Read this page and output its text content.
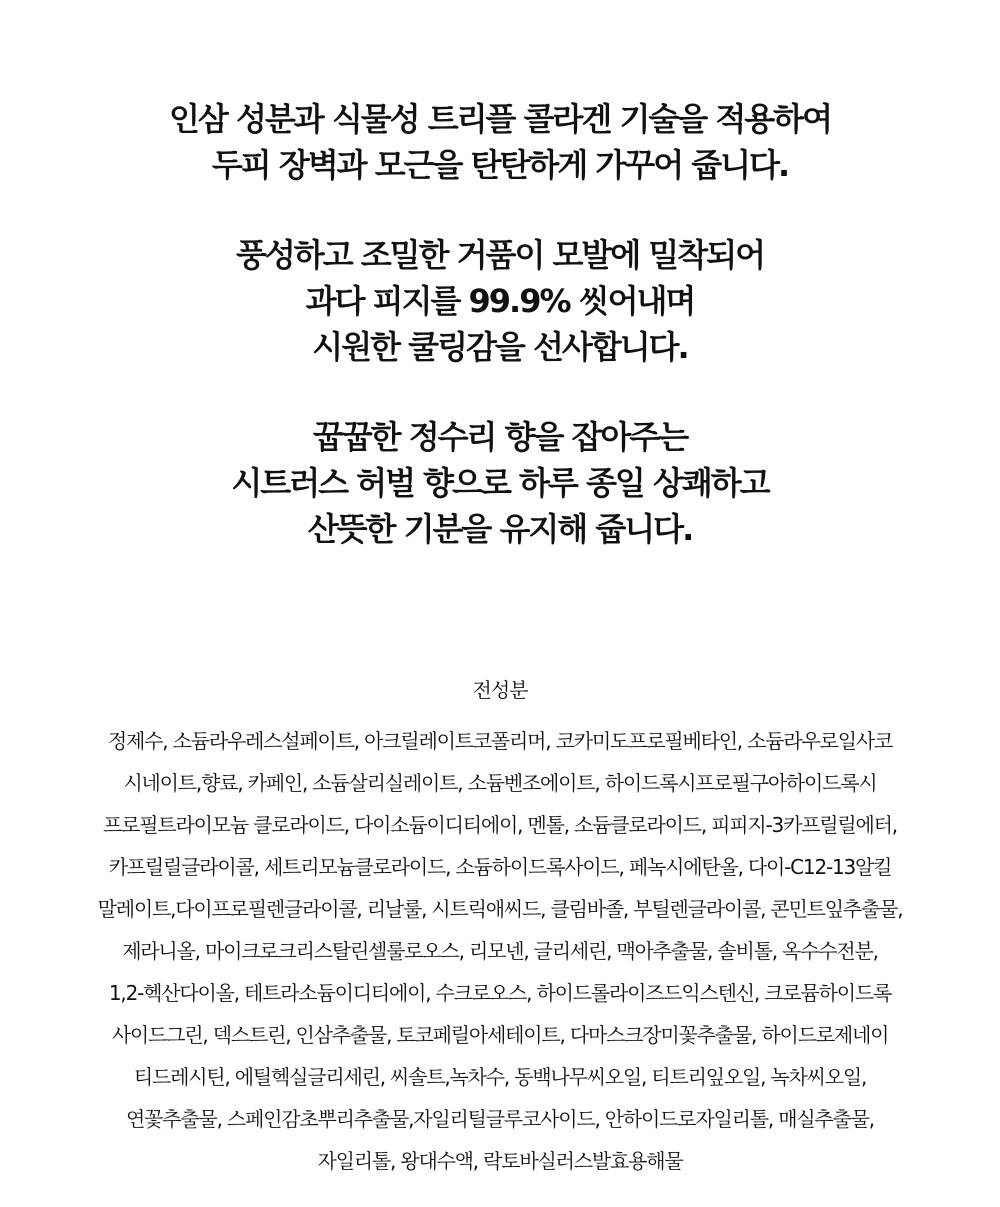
인삼 성분과 식물성 트리플 콜라겐 기술을 적용하여
두피 장벽과 모근을 탄탄하게 가꾸어 줍니다.

풍성하고 조밀한 거품이 모발에 밀착되어
과다 피지를 99.9% 씻어내며
시원한 쿨링감을 선사합니다.

꿉꿉한 정수리 향을 잡아주는
시트러스 허벌 향으로 하루 종일 상쾌하고
산뜻한 기분을 유지해 줍니다.

전성분
정제수, 소듐라우레스설페이트, 아크릴레이트코폴리머, 코카미도프로필베타인, 소듐라우로일사코
시네이트,향료, 카페인, 소듐살리실레이트, 소듐벤조에이트, 하이드록시프로필구아하이드록시
프로필트라이모늄 클로라이드, 다이소듐이디티에이, 멘톨, 소듐클로라이드, 피피지-3카프릴릴에터,
카프릴릴글라이콜, 세트리모늄클로라이드, 소듐하이드록사이드, 페녹시에탄올, 다이-C12-13알킬
말레이트,다이프로필렌글라이콜, 리날룰, 시트릭애씨드, 클림바졸, 부틸렌글라이콜, 콘민트잎추출물,
제라니올, 마이크로크리스탈린셀룰로오스, 리모넨, 글리세린, 맥아추출물, 솔비톨, 옥수수전분,
1,2-헥산다이올, 테트라소듐이디티에이, 수크로오스, 하이드롤라이즈드익스텐신, 크로뮴하이드록
사이드그린, 덱스트린, 인삼추출물, 토코페릴아세테이트, 다마스크장미꽃추출물, 하이드로제네이
티드레시틴, 에틸헥실글리세린, 씨솔트,녹차수, 동백나무씨오일, 티트리잎오일, 녹차씨오일,
연꽃추출물, 스페인감초뿌리추출물,자일리틸글루코사이드, 안하이드로자일리톨, 매실추출물,
자일리톨, 왕대수액, 락토바실러스발효용해물
